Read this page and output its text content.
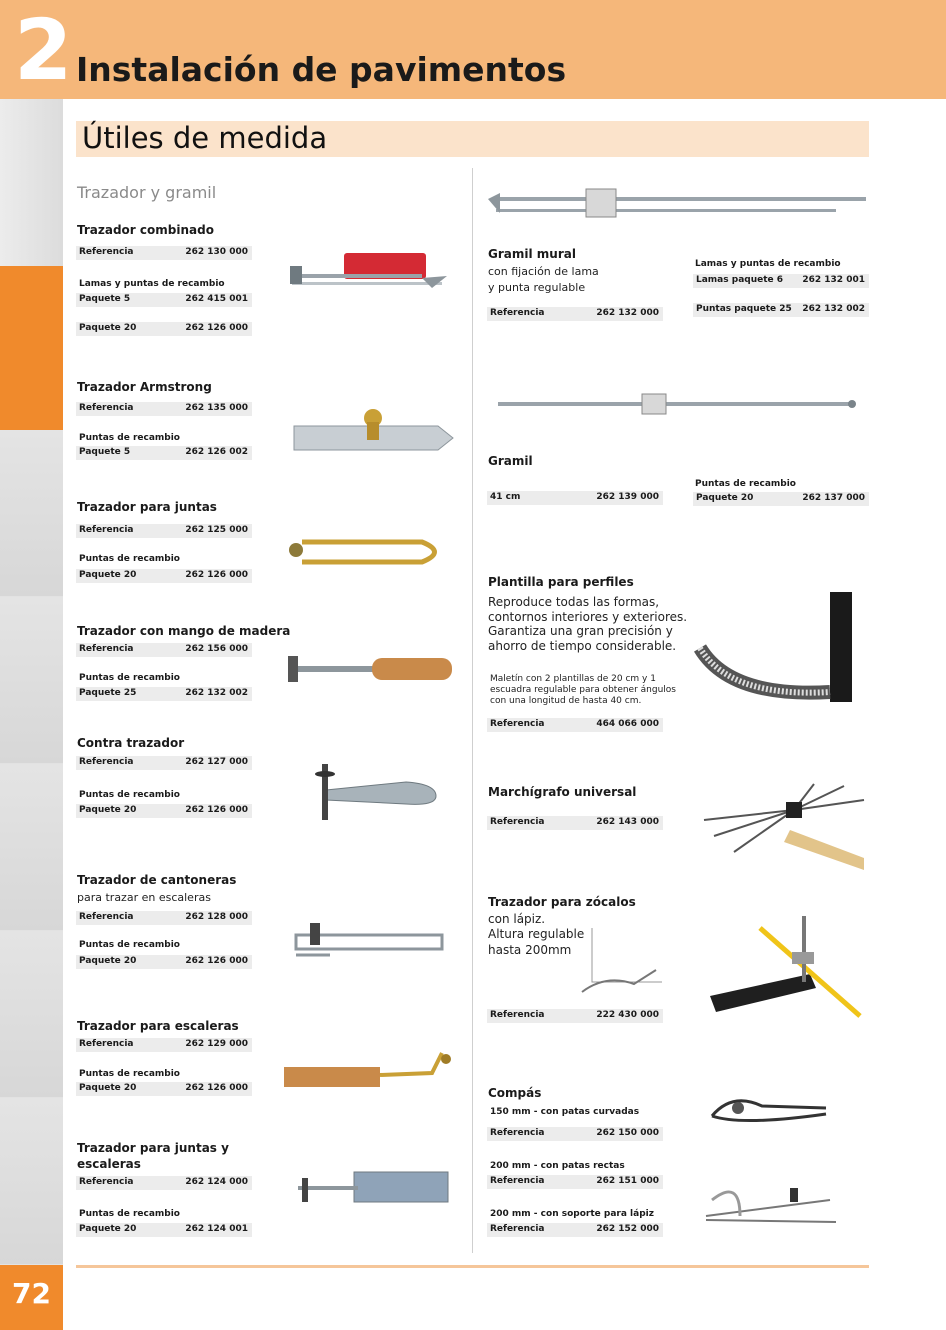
2 Instalación de pavimentos
72
Útiles de medida
Trazador y gramil
Trazador combinado
Referencia	262 130 000
Lamas y puntas de recambio
Paquete 5	262 415 001
Paquete 20	262 126 000
Trazador Armstrong
Referencia	262 135 000
Puntas de recambio
Paquete 5	262 126 002
Trazador para juntas
Referencia	262 125 000
Puntas de recambio
Paquete 20	262 126 000
Trazador con mango de madera
Referencia	262 156 000
Puntas de recambio
Paquete 25	262 132 002
Contra trazador
Referencia	262 127 000
Puntas de recambio
Paquete 20	262 126 000
Trazador de cantoneras
para trazar en escaleras
Referencia	262 128 000
Puntas de recambio
Paquete 20	262 126 000
Trazador para escaleras
Referencia	262 129 000
Puntas de recambio
Paquete 20	262 126 000
Trazador para juntas y
escaleras
Referencia	262 124 000
Puntas de recambio
Paquete 20	262 124 001
Gramil mural
con fijación de lama
y punta regulable
Referencia	262 132 000
Lamas y puntas de recambio
Lamas paquete 6 262 132 001
Puntas paquete 25 262 132 002
Gramil
41 cm	262 139 000
Puntas de recambio
Paquete 20	262 137 000
Plantilla para perfiles
Reproduce todas las formas,
contornos interiores y exteriores.
Garantiza una gran precisión y
ahorro de tiempo considerable.
Maletín con 2 plantillas de 20 cm y 1
escuadra regulable para obtener ángulos
con una longitud de hasta 40 cm.
Referencia	464 066 000
Marchígrafo universal
Referencia	262 143 000
Trazador para zócalos
con lápiz.
Altura regulable
hasta 200mm
Referencia	222 430 000
Compás
150 mm - con patas curvadas
Referencia	262 150 000
200 mm - con patas rectas
Referencia	262 151 000
200 mm - con soporte para lápiz
Referencia	262 152 000
